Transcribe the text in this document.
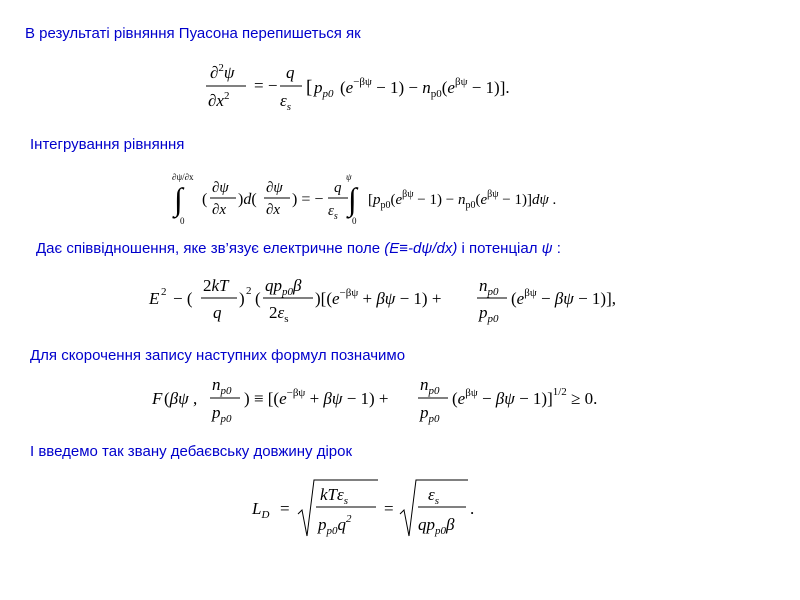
В результаті рівняння Пуасона перепишеться як
∂$^2$ψ
$\partial x^2$
= −
q
$\varepsilon_s$
[ $p_{p0}$ $(e^{-\beta\psi} - 1) - n_{p0}(e^{\beta\psi} - 1)$].
Інтегрування рівняння
∂ψ/∂x
∫
0
(
∂ψ
∂x
)d(
∂ψ
∂x
) = −
q
$\varepsilon_s$
ψ
∫
0
$[p_{p0}(e^{\beta\psi} - 1) - n_{p0}(e^{\beta\psi} - 1)]d\psi$ .
Дає співвідношення, яке зв’язує електричне поле (E≡-dψ/dx) і потенціал ψ :
E 2 − (
2kT
q
) 2 (
$qp_{p0}\beta$
$2\varepsilon_s$
)[$(e^{-\beta\psi} + \beta\psi - 1)$ +
$n_{p0}$
$p_{p0}$
$(e^{\beta\psi} - \beta\psi - 1)$],
Для скорочення запису наступних формул позначимо
F (βψ ,
$n_{p0}$
$p_{p0}$
) ≡ [$(e^{-\beta\psi} + \beta\psi - 1)$ +
$n_{p0}$
$p_{p0}$
$(e^{\beta\psi} - \beta\psi - 1)]^{1/2} \ge 0$.
І введемо так звану дебаєвську довжину дірок
$L_D$ =
kTε$_s$
$p_{p0}q^2$
=
$\varepsilon_s$
$qp_{p0}\beta$
.
